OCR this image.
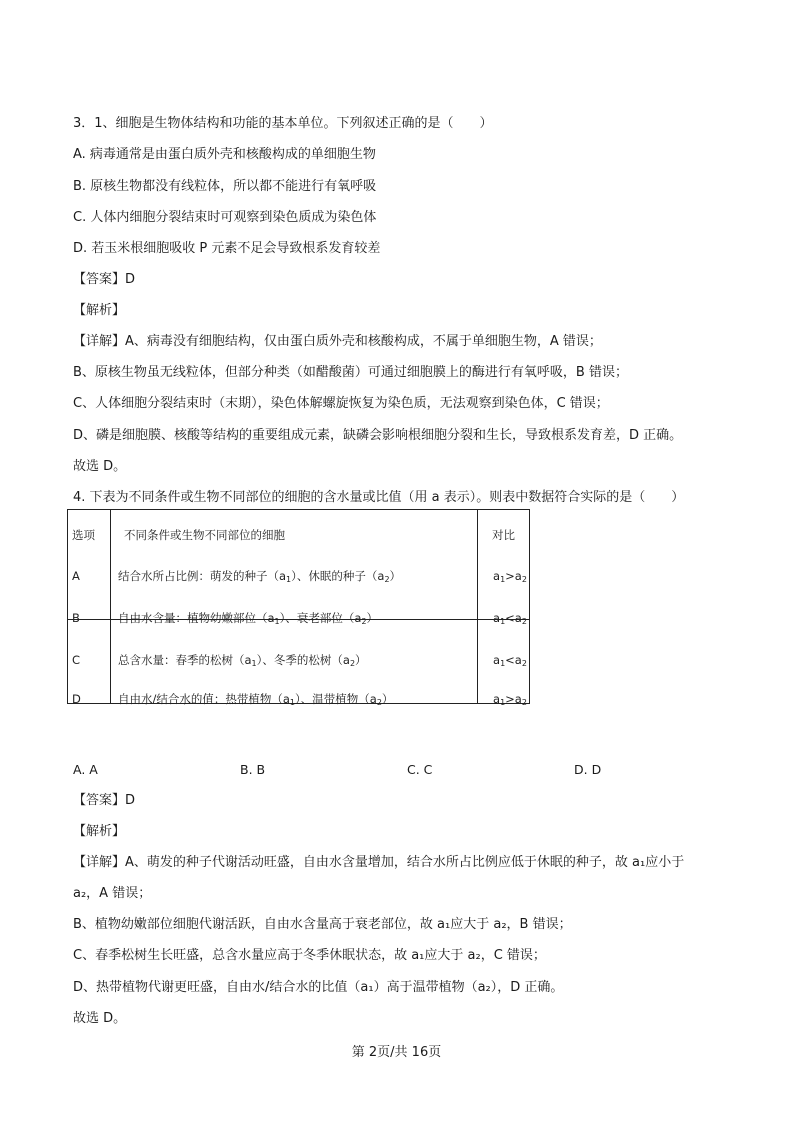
3．1、细胞是生物体结构和功能的基本单位。下列叙述正确的是（　　）
A. 病毒通常是由蛋白质外壳和核酸构成的单细胞生物
B. 原核生物都没有线粒体，所以都不能进行有氧呼吸
C. 人体内细胞分裂结束时可观察到染色质成为染色体
D. 若玉米根细胞吸收 P 元素不足会导致根系发育较差
【答案】D
【解析】
【详解】A、病毒没有细胞结构，仅由蛋白质外壳和核酸构成，不属于单细胞生物，A 错误；
B、原核生物虽无线粒体，但部分种类（如醋酸菌）可通过细胞膜上的酶进行有氧呼吸，B 错误；
C、人体细胞分裂结束时（末期），染色体解螺旋恢复为染色质，无法观察到染色体，C 错误；
D、磷是细胞膜、核酸等结构的重要组成元素，缺磷会影响根细胞分裂和生长，导致根系发育差，D 正确。
故选 D。
4. 下表为不同条件或生物不同部位的细胞的含水量或比值（用 a 表示）。则表中数据符合实际的是（　　）
选项	不同条件或生物不同部位的细胞	对比
A	结合水所占比例：萌发的种子$(a_1)$、休眠的种子$(a_2)$	$a_1>a_2$
B	自由水含量：植物幼嫩部位$(a_1)$、衰老部位$(a_2)$	$a_1<a_2$
C	总含水量：春季的松树$(a_1)$、冬季的松树$(a_2)$	$a_1<a_2$
D	自由水/结合水的值：热带植物$(a_1)$、温带植物$(a_2)$	$a_1>a_2$
A. A	B. B	C. C	D. D
【答案】D
【解析】
【详解】A、萌发的种子代谢活动旺盛，自由水含量增加，结合水所占比例应低于休眠的种子，故 a₁应小于
a₂，A 错误；
B、植物幼嫩部位细胞代谢活跃，自由水含量高于衰老部位，故 a₁应大于 a₂，B 错误；
C、春季松树生长旺盛，总含水量应高于冬季休眠状态，故 a₁应大于 a₂，C 错误；
D、热带植物代谢更旺盛，自由水/结合水的比值（a₁）高于温带植物（a₂），D 正确。
故选 D。
第 2页/共 16页
